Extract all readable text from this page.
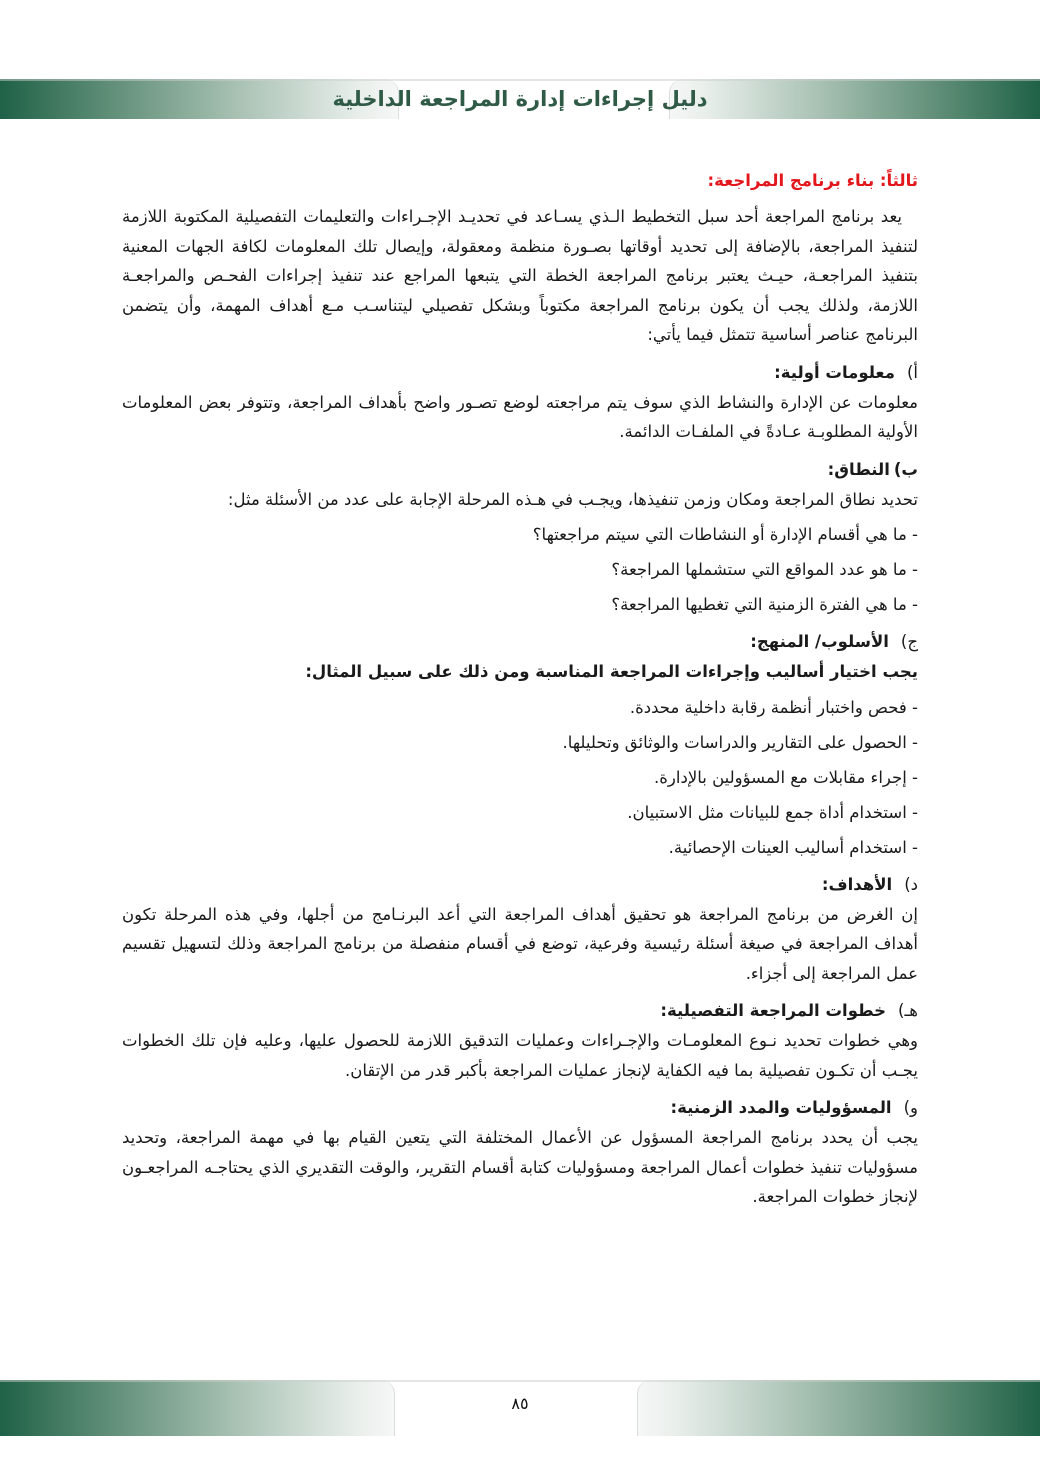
دليل إجراءات إدارة المراجعة الداخلية
ثالثاً: بناء برنامج المراجعة:

يعد برنامج المراجعة أحد سبل التخطيط الـذي يسـاعد في تحديـد الإجـراءات والتعليمات التفصيلية المكتوبة اللازمة لتنفيذ المراجعة، بالإضافة إلى تحديد أوقاتها بصـورة منظمة ومعقولة، وإيصال تلك المعلومات لكافة الجهات المعنية بتنفيذ المراجعـة، حيـث يعتبر برنامج المراجعة الخطة التي يتبعها المراجع عند تنفيذ إجراءات الفحـص والمراجعـة اللازمة، ولذلك يجب أن يكون برنامج المراجعة مكتوباً وبشكل تفصيلي ليتناسـب مـع أهداف المهمة، وأن يتضمن البرنامج عناصر أساسية تتمثل فيما يأتي:

أ)معلومات أولية:

معلومات عن الإدارة والنشاط الذي سوف يتم مراجعته لوضع تصـور واضح بأهداف المراجعة، وتتوفر بعض المعلومات الأولية المطلوبـة عـادةً في الملفـات الدائمة.

ب)النطاق:

تحديد نطاق المراجعة ومكان وزمن تنفيذها، ويجـب في هـذه المرحلة الإجابة على عدد من الأسئلة مثل:

- ما هي أقسام الإدارة أو النشاطات التي سيتم مراجعتها؟
- ما هو عدد المواقع التي ستشملها المراجعة؟
- ما هي الفترة الزمنية التي تغطيها المراجعة؟
ج)الأسلوب/ المنهج:

يجب اختيار أساليب وإجراءات المراجعة المناسبة ومن ذلك على سبيل المثال:

- فحص واختبار أنظمة رقابة داخلية محددة.
- الحصول على التقارير والدراسات والوثائق وتحليلها.
- إجراء مقابلات مع المسؤولين بالإدارة.
- استخدام أداة جمع للبيانات مثل الاستبيان.
- استخدام أساليب العينات الإحصائية.
د)الأهداف:

إن الغرض من برنامج المراجعة هو تحقيق أهداف المراجعة التي أعد البرنـامج من أجلها، وفي هذه المرحلة تكون أهداف المراجعة في صيغة أسئلة رئيسية وفرعية، توضع في أقسام منفصلة من برنامج المراجعة وذلك لتسهيل تقسيم عمل المراجعة إلى أجزاء.

هـ)خطوات المراجعة التفصيلية:

وهي خطوات تحديد نـوع المعلومـات والإجـراءات وعمليات التدقيق اللازمة للحصول عليها، وعليه فإن تلك الخطوات يجـب أن تكـون تفصيلية بما فيه الكفاية لإنجاز عمليات المراجعة بأكبر قدر من الإتقان.

و)المسؤوليات والمدد الزمنية:

يجب أن يحدد برنامج المراجعة المسؤول عن الأعمال المختلفة التي يتعين القيام بها في مهمة المراجعة، وتحديد مسؤوليات تنفيذ خطوات أعمال المراجعة ومسؤوليات كتابة أقسام التقرير، والوقت التقديري الذي يحتاجـه المراجعـون لإنجاز خطوات المراجعة.

٨٥
